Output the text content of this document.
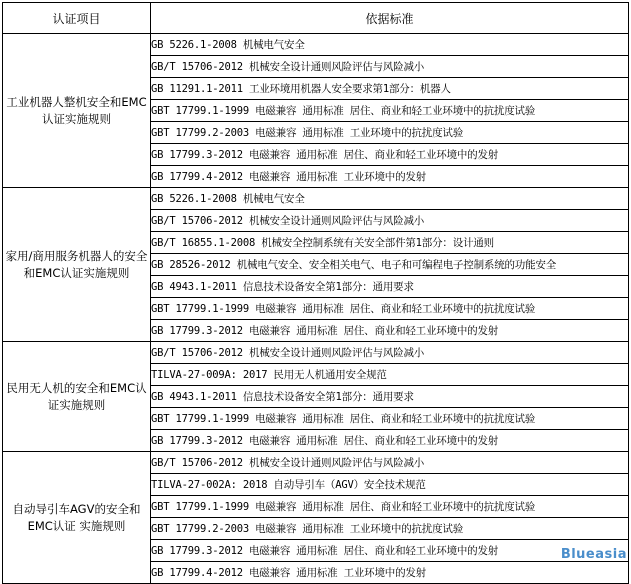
认证项目	依据标准
工业机器人整机安全和EMC认证实施规则	GB 5226.1-2008 机械电气安全
	GB/T 15706-2012 机械安全设计通则风险评估与风险减小
	GB 11291.1-2011 工业环境用机器人安全要求第1部分：机器人
	GBT 17799.1-1999 电磁兼容 通用标准 居住、商业和轻工业环境中的抗扰度试验
	GBT 17799.2-2003 电磁兼容 通用标准 工业环境中的抗扰度试验
	GB 17799.3-2012 电磁兼容 通用标准 居住、商业和轻工业环境中的发射
	GB 17799.4-2012 电磁兼容 通用标准 工业环境中的发射
家用/商用服务机器人的安全和EMC认证实施规则	GB 5226.1-2008 机械电气安全
	GB/T 15706-2012 机械安全设计通则风险评估与风险减小
	GB/T 16855.1-2008 机械安全控制系统有关安全部件第1部分：设计通则
	GB 28526-2012 机械电气安全、安全相关电气、电子和可编程电子控制系统的功能安全
	GB 4943.1-2011 信息技术设备安全第1部分：通用要求
	GBT 17799.1-1999 电磁兼容 通用标准 居住、商业和轻工业环境中的抗扰度试验
	GB 17799.3-2012 电磁兼容 通用标准 居住、商业和轻工业环境中的发射
民用无人机的安全和EMC认证实施规则	GB/T 15706-2012 机械安全设计通则风险评估与风险减小
	TILVA-27-009A: 2017 民用无人机通用安全规范
	GB 4943.1-2011 信息技术设备安全第1部分：通用要求
	GBT 17799.1-1999 电磁兼容 通用标准 居住、商业和轻工业环境中的抗扰度试验
	GB 17799.3-2012 电磁兼容 通用标准 居住、商业和轻工业环境中的发射
自动导引车AGV的安全和EMC认证 实施规则	GB/T 15706-2012 机械安全设计通则风险评估与风险减小
	TILVA-27-002A: 2018 自动导引车（AGV）安全技术规范
	GBT 17799.1-1999 电磁兼容 通用标准 居住、商业和轻工业环境中的抗扰度试验
	GBT 17799.2-2003 电磁兼容 通用标准 工业环境中的抗扰度试验
	GB 17799.3-2012 电磁兼容 通用标准 居住、商业和轻工业环境中的发射
	GB 17799.4-2012 电磁兼容 通用标准 工业环境中的发射
Blueasia
